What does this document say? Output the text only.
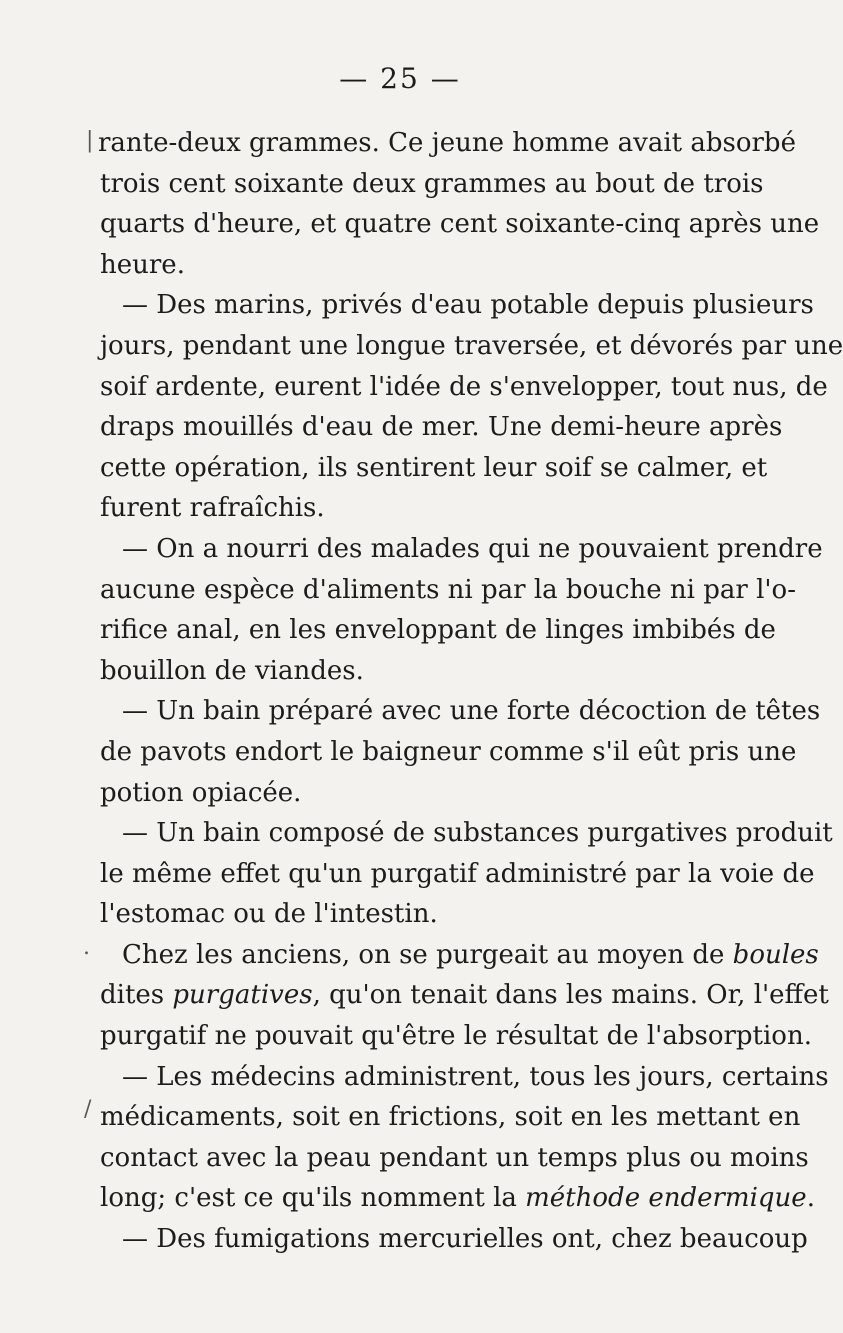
— 25 —
rante-deux grammes. Ce jeune homme avait absorbé
trois cent soixante deux grammes au bout de trois
quarts d'heure, et quatre cent soixante-cinq après une
heure.
— Des marins, privés d'eau potable depuis plusieurs
jours, pendant une longue traversée, et dévorés par une
soif ardente, eurent l'idée de s'envelopper, tout nus, de
draps mouillés d'eau de mer. Une demi-heure après
cette opération, ils sentirent leur soif se calmer, et
furent rafraîchis.
— On a nourri des malades qui ne pouvaient prendre
aucune espèce d'aliments ni par la bouche ni par l'o-
rifice anal, en les enveloppant de linges imbibés de
bouillon de viandes.
— Un bain préparé avec une forte décoction de têtes
de pavots endort le baigneur comme s'il eût pris une
potion opiacée.
— Un bain composé de substances purgatives produit
le même effet qu'un purgatif administré par la voie de
l'estomac ou de l'intestin.
Chez les anciens, on se purgeait au moyen de boules
dites purgatives, qu'on tenait dans les mains. Or, l'effet
purgatif ne pouvait qu'être le résultat de l'absorption.
— Les médecins administrent, tous les jours, certains
médicaments, soit en frictions, soit en les mettant en
contact avec la peau pendant un temps plus ou moins
long; c'est ce qu'ils nomment la méthode endermique.
— Des fumigations mercurielles ont, chez beaucoup
|
.
/
